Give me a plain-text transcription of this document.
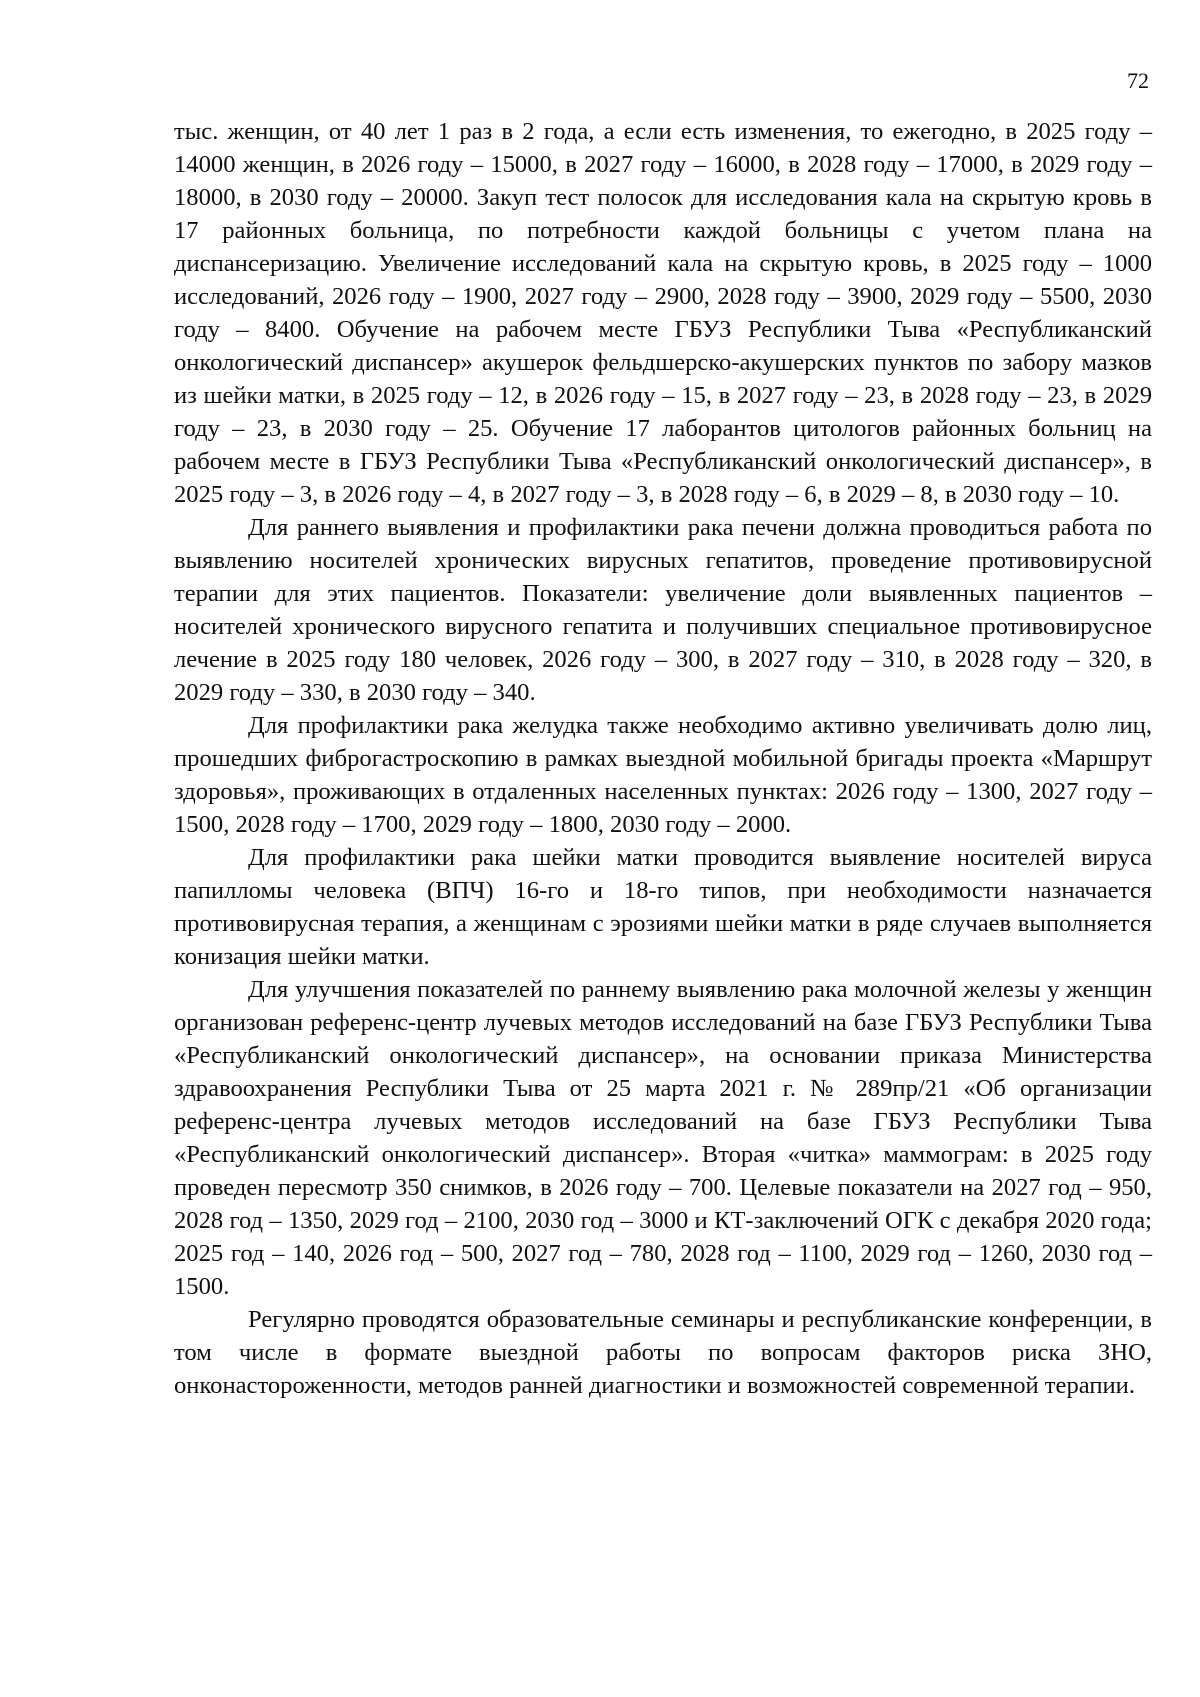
72

тыс. женщин, от 40 лет 1 раз в 2 года, а если есть изменения, то ежегодно, в 2025 году – 14000 женщин, в 2026 году – 15000, в 2027 году – 16000, в 2028 году – 17000, в 2029 году – 18000, в 2030 году – 20000. Закуп тест полосок для исследования кала на скрытую кровь в 17 районных больница, по потребности каждой больницы с учетом плана на диспансеризацию. Увеличение исследований кала на скрытую кровь, в 2025 году – 1000 исследований, 2026 году – 1900, 2027 году – 2900, 2028 году – 3900, 2029 году – 5500, 2030 году – 8400. Обучение на рабочем месте ГБУЗ Республики Тыва «Республиканский онкологический диспансер» акушерок фельдшерско-акушерских пунктов по забору мазков из шейки матки, в 2025 году – 12, в 2026 году – 15, в 2027 году – 23, в 2028 году – 23, в 2029 году – 23, в 2030 году – 25. Обучение 17 лаборантов цитологов районных больниц на рабочем месте в ГБУЗ Республики Тыва «Республиканский онкологический диспансер», в 2025 году – 3, в 2026 году – 4, в 2027 году – 3, в 2028 году – 6, в 2029 – 8, в 2030 году – 10.

Для раннего выявления и профилактики рака печени должна проводиться работа по выявлению носителей хронических вирусных гепатитов, проведение противовирусной терапии для этих пациентов. Показатели: увеличение доли выявленных пациентов – носителей хронического вирусного гепатита и получивших специальное противовирусное лечение в 2025 году 180 человек, 2026 году – 300, в 2027 году – 310, в 2028 году – 320, в 2029 году – 330, в 2030 году – 340.

Для профилактики рака желудка также необходимо активно увеличивать долю лиц, прошедших фиброгастроскопию в рамках выездной мобильной бригады проекта «Маршрут здоровья», проживающих в отдаленных населенных пунктах: 2026 году – 1300, 2027 году – 1500, 2028 году – 1700, 2029 году – 1800, 2030 году – 2000.

Для профилактики рака шейки матки проводится выявление носителей вируса папилломы человека (ВПЧ) 16-го и 18-го типов, при необходимости назначается противовирусная терапия, а женщинам с эрозиями шейки матки в ряде случаев выполняется конизация шейки матки.

Для улучшения показателей по раннему выявлению рака молочной железы у женщин организован референс-центр лучевых методов исследований на базе ГБУЗ Республики Тыва «Республиканский онкологический диспансер», на основании приказа Министерства здравоохранения Республики Тыва от 25 марта 2021 г. № 289пр/21 «Об организации референс-центра лучевых методов исследований на базе ГБУЗ Республики Тыва «Республиканский онкологический диспансер». Вторая «читка» маммограм: в 2025 году проведен пересмотр 350 снимков, в 2026 году – 700. Целевые показатели на 2027 год – 950, 2028 год – 1350, 2029 год – 2100, 2030 год – 3000 и КТ-заключений ОГК с декабря 2020 года; 2025 год – 140, 2026 год – 500, 2027 год – 780, 2028 год – 1100, 2029 год – 1260, 2030 год – 1500.

Регулярно проводятся образовательные семинары и республиканские конференции, в том числе в формате выездной работы по вопросам факторов риска ЗНО, онконастороженности, методов ранней диагностики и возможностей современной терапии.
